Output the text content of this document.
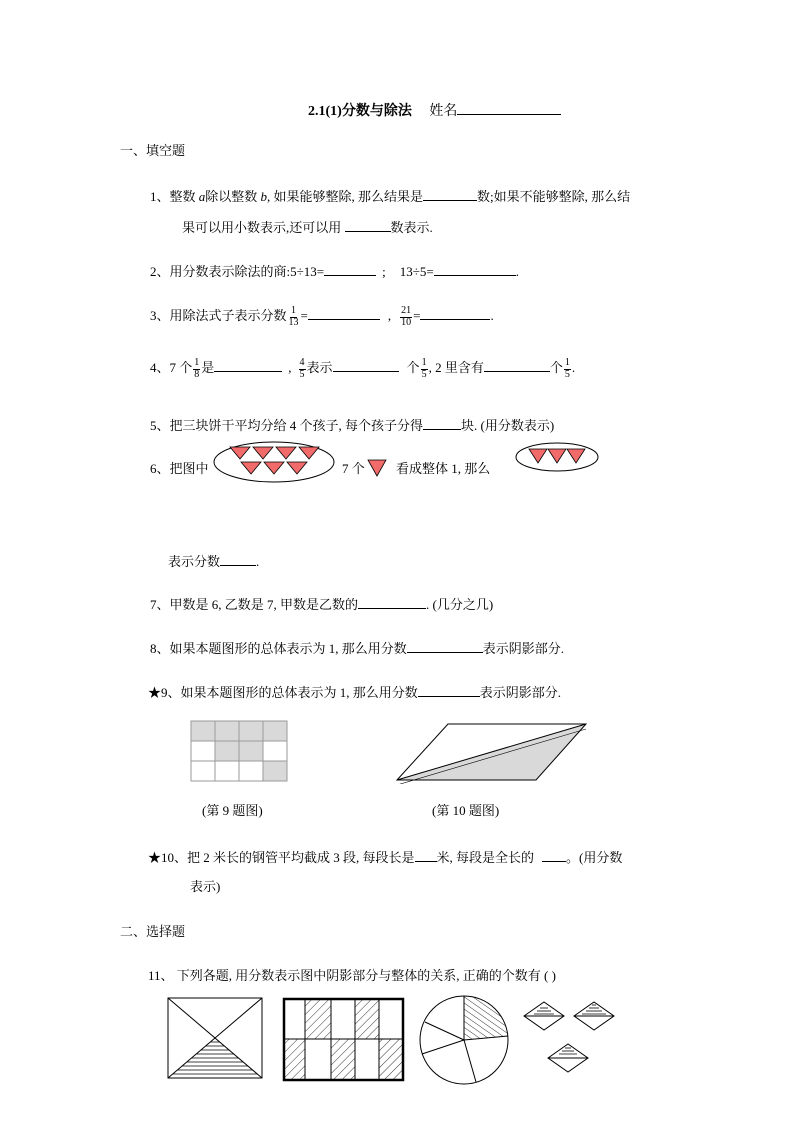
2.1(1)分数与除法 姓名
一、填空题
1、整数 a除以整数 b, 如果能够整除, 那么结果是	数;如果不能够整除, 那么结
果可以用小数表示,还可以用	数表示.
2、用分数表示除法的商:5÷13=	; 13÷5=	.
3、用除法式子表示分数 $\frac{1}{13}$ =	, $\frac{21}{10}$ =	.
4、7 个 $\frac{1}{8}$ 是	, $\frac{4}{5}$ 表示	个 $\frac{1}{5}$ , 2 里含有	个 $\frac{1}{5}$ .
5、把三块饼干平均分给 4 个孩子, 每个孩子分得	块. (用分数表示)
6、把图中	7 个 看成整体 1, 那么
表示分数	.
7、甲数是 6, 乙数是 7, 甲数是乙数的	. (几分之几)
8、如果本题图形的总体表示为 1, 那么用分数	表示阴影部分.
★9、如果本题图形的总体表示为 1, 那么用分数	表示阴影部分.
(第 9 题图)	(第 10 题图)
★10、把 2 米长的钢管平均截成 3 段, 每段长是 米, 每段是全长的 。(用分数
表示)
二、选择题
11、 下列各题, 用分数表示图中阴影部分与整体的关系, 正确的个数有 ( )
